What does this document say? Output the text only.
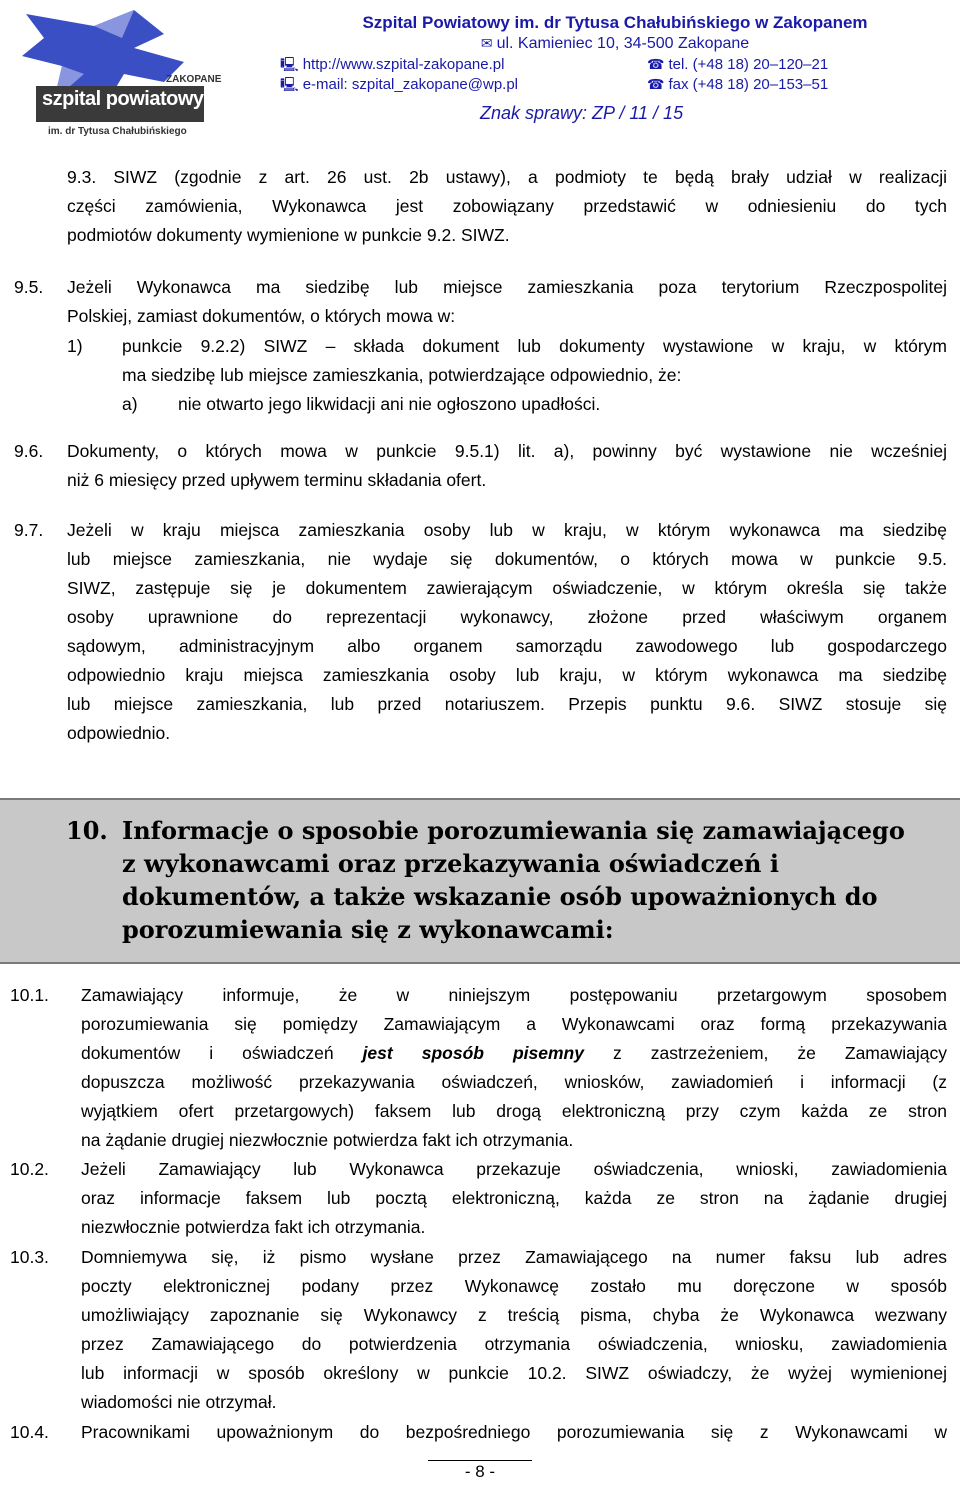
ZAKOPANE
szpital powiatowy
im. dr Tytusa Chałubińskiego
Szpital Powiatowy im. dr Tytusa Chałubińskiego w Zakopanem
✉ ul. Kamieniec 10, 34-500 Zakopane
🖳 http://www.szpital-zakopane.pl	☎ tel. (+48 18) 20–120–21
🖳 e-mail: szpital_zakopane@wp.pl	☎ fax (+48 18) 20–153–51
Znak sprawy: ZP / 11 / 15
9.3. SIWZ (zgodnie z art. 26 ust. 2b ustawy), a podmioty te będą brały udział w realizacji
części zamówienia, Wykonawca jest zobowiązany przedstawić w odniesieniu do tych
podmiotów dokumenty wymienione w punkcie 9.2. SIWZ.
9.5. Jeżeli Wykonawca ma siedzibę lub miejsce zamieszkania poza terytorium Rzeczpospolitej
Polskiej, zamiast dokumentów, o których mowa w:
1) punkcie 9.2.2) SIWZ – składa dokument lub dokumenty wystawione w kraju, w którym
ma siedzibę lub miejsce zamieszkania, potwierdzające odpowiednio, że:
a) nie otwarto jego likwidacji ani nie ogłoszono upadłości.
9.6. Dokumenty, o których mowa w punkcie 9.5.1) lit. a), powinny być wystawione nie wcześniej
niż 6 miesięcy przed upływem terminu składania ofert.
9.7. Jeżeli w kraju miejsca zamieszkania osoby lub w kraju, w którym wykonawca ma siedzibę
lub miejsce zamieszkania, nie wydaje się dokumentów, o których mowa w punkcie 9.5.
SIWZ, zastępuje się je dokumentem zawierającym oświadczenie, w którym określa się także
osoby uprawnione do reprezentacji wykonawcy, złożone przed właściwym organem
sądowym, administracyjnym albo organem samorządu zawodowego lub gospodarczego
odpowiednio kraju miejsca zamieszkania osoby lub kraju, w którym wykonawca ma siedzibę
lub miejsce zamieszkania, lub przed notariuszem. Przepis punktu 9.6. SIWZ stosuje się
odpowiednio.
10. Informacje o sposobie porozumiewania się zamawiającego
z wykonawcami oraz przekazywania oświadczeń i
dokumentów, a także wskazanie osób upoważnionych do
porozumiewania się z wykonawcami:
10.1. Zamawiający informuje, że w niniejszym postępowaniu przetargowym sposobem
porozumiewania się pomiędzy Zamawiającym a Wykonawcami oraz formą przekazywania
dokumentów i oświadczeń jest sposób pisemny z zastrzeżeniem, że Zamawiający
dopuszcza możliwość przekazywania oświadczeń, wniosków, zawiadomień i informacji (z
wyjątkiem ofert przetargowych) faksem lub drogą elektroniczną przy czym każda ze stron
na żądanie drugiej niezwłocznie potwierdza fakt ich otrzymania.
10.2. Jeżeli Zamawiający lub Wykonawca przekazuje oświadczenia, wnioski, zawiadomienia
oraz informacje faksem lub pocztą elektroniczną, każda ze stron na żądanie drugiej
niezwłocznie potwierdza fakt ich otrzymania.
10.3. Domniemywa się, iż pismo wysłane przez Zamawiającego na numer faksu lub adres
poczty elektronicznej podany przez Wykonawcę zostało mu doręczone w sposób
umożliwiający zapoznanie się Wykonawcy z treścią pisma, chyba że Wykonawca wezwany
przez Zamawiającego do potwierdzenia otrzymania oświadczenia, wniosku, zawiadomienia
lub informacji w sposób określony w punkcie 10.2. SIWZ oświadczy, że wyżej wymienionej
wiadomości nie otrzymał.
10.4. Pracownikami upoważnionym do bezpośredniego porozumiewania się z Wykonawcami w
- 8 -
